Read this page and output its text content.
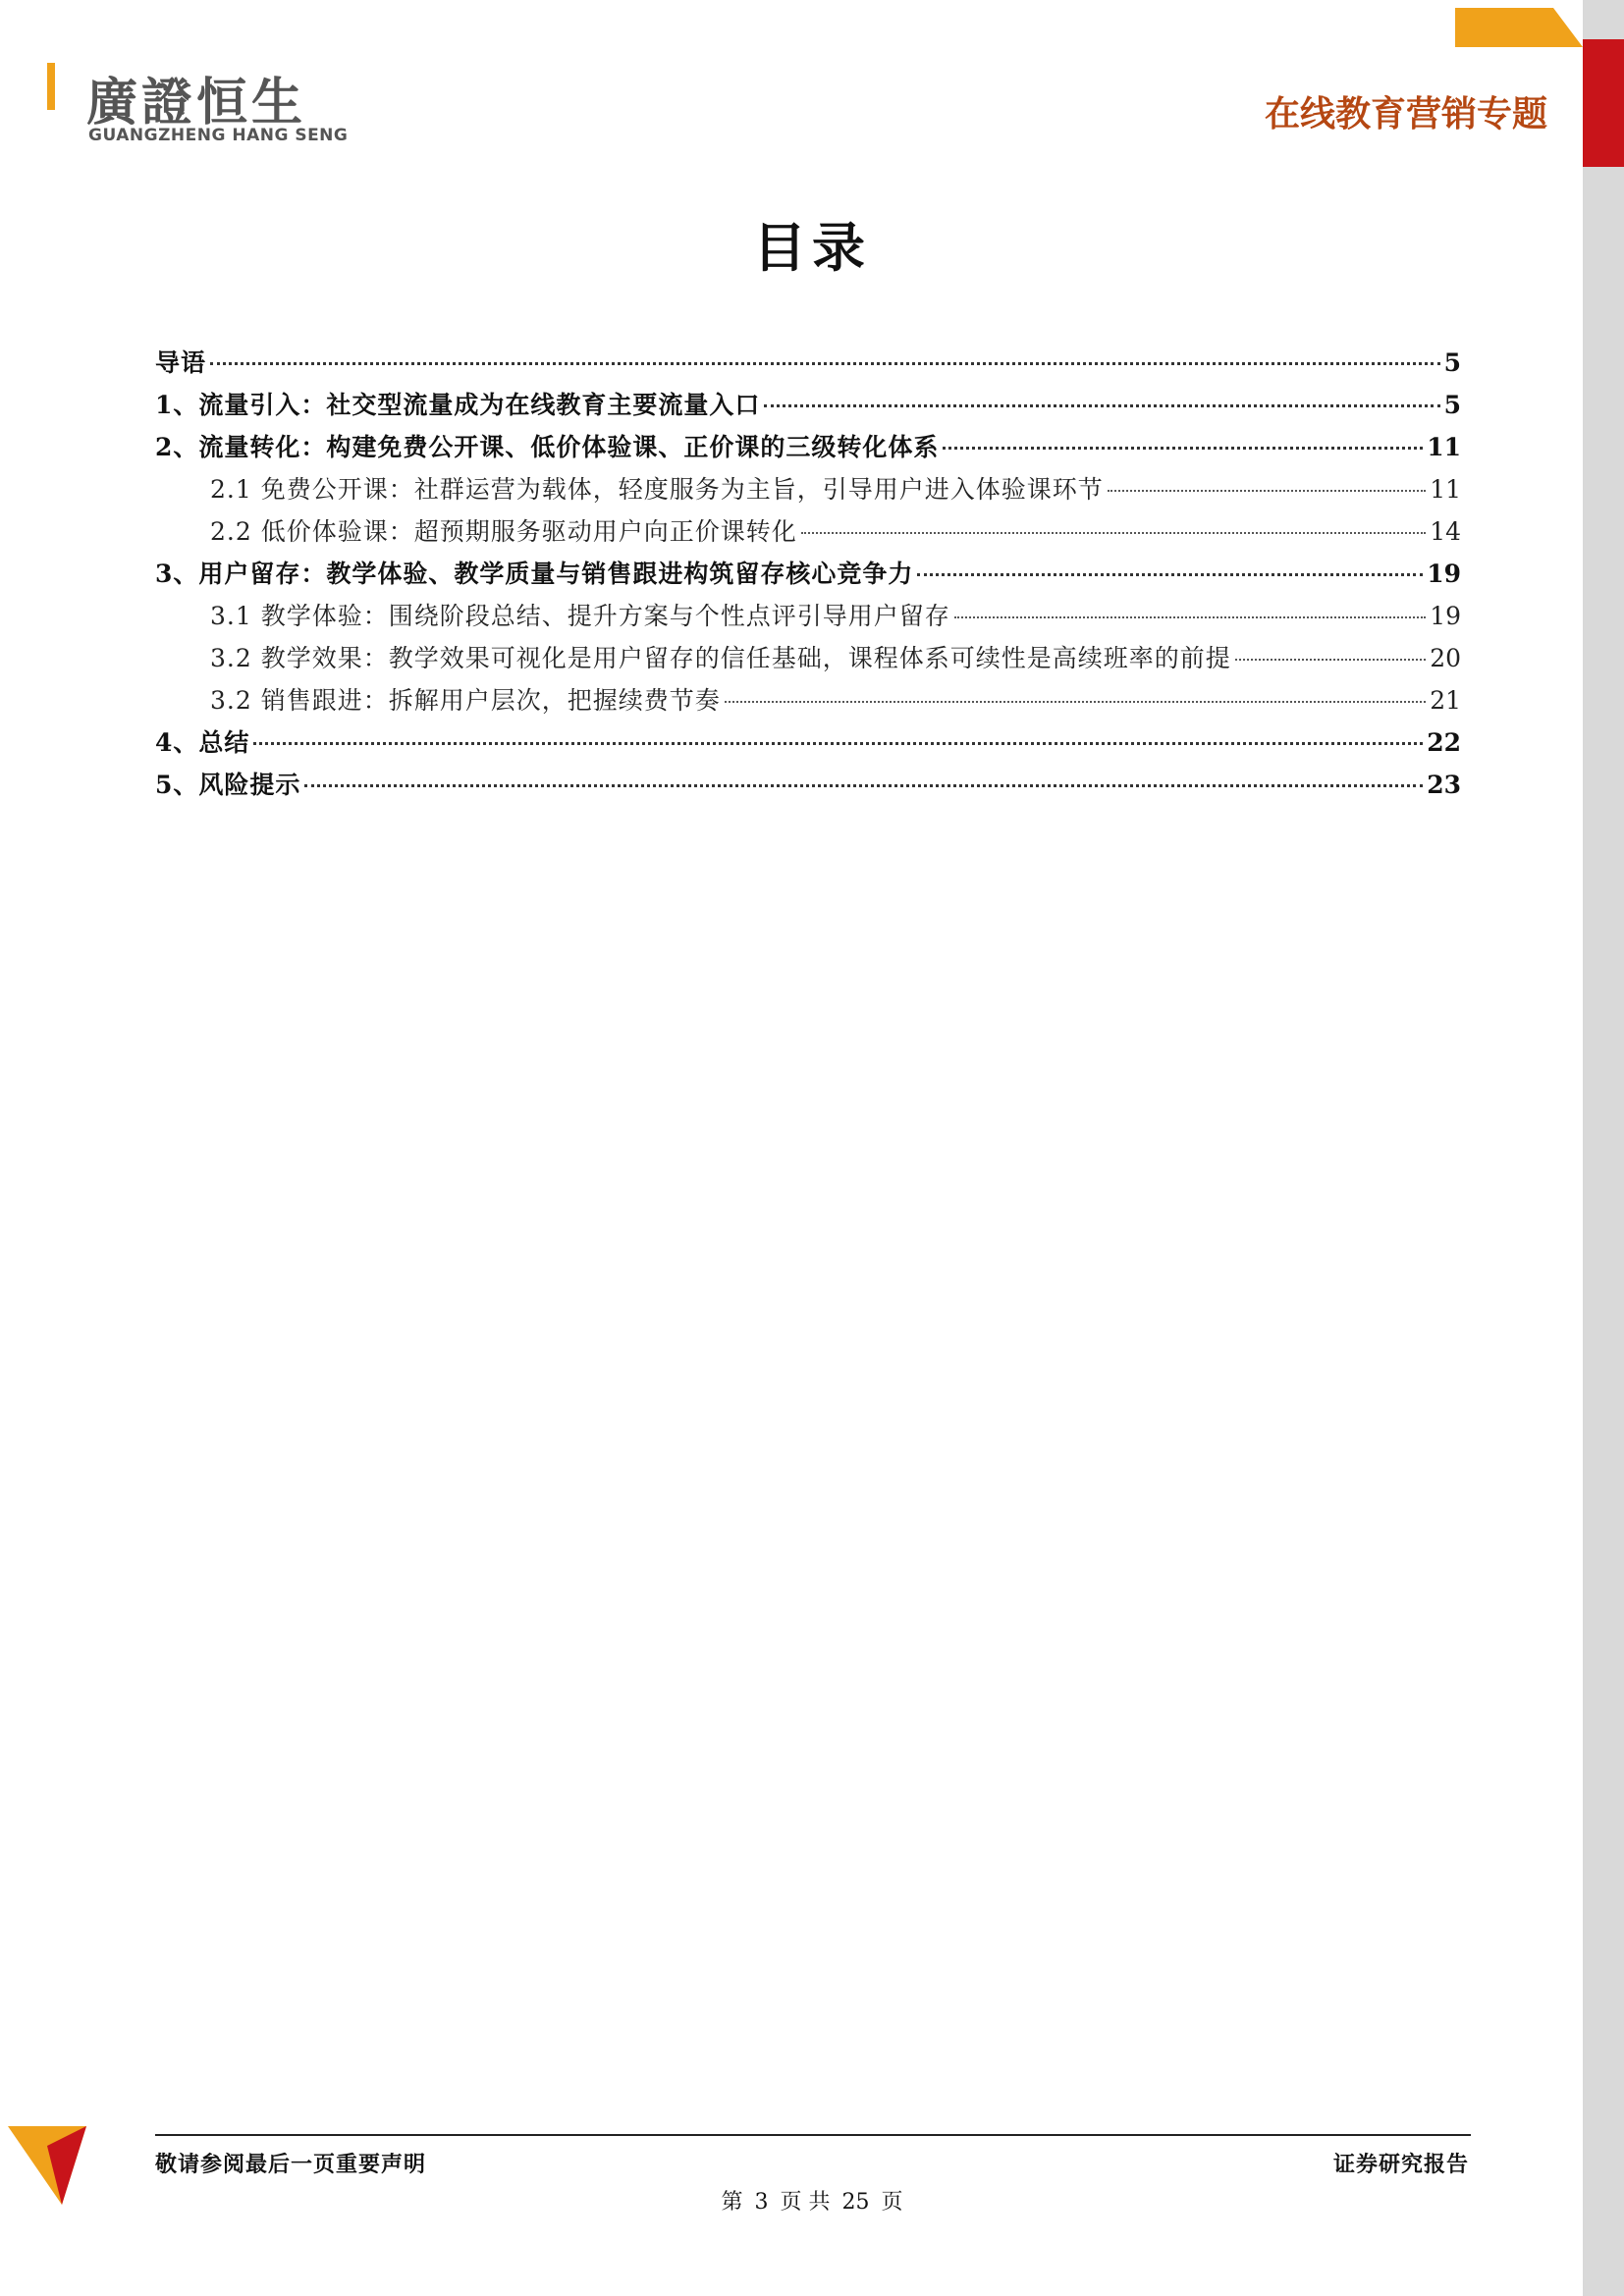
廣證恒生
GUANGZHENG HANG SENG
在线教育营销专题
目录
导语	5
1、流量引入：社交型流量成为在线教育主要流量入口	5
2、流量转化：构建免费公开课、低价体验课、正价课的三级转化体系	11
2.1 免费公开课：社群运营为载体，轻度服务为主旨，引导用户进入体验课环节	11
2.2 低价体验课：超预期服务驱动用户向正价课转化	14
3、用户留存：教学体验、教学质量与销售跟进构筑留存核心竞争力	19
3.1 教学体验：围绕阶段总结、提升方案与个性点评引导用户留存	19
3.2 教学效果：教学效果可视化是用户留存的信任基础，课程体系可续性是高续班率的前提	20
3.2 销售跟进：拆解用户层次，把握续费节奏	21
4、总结	22
5、风险提示	23
敬请参阅最后一页重要声明	证券研究报告
第 3 页 共 25 页
